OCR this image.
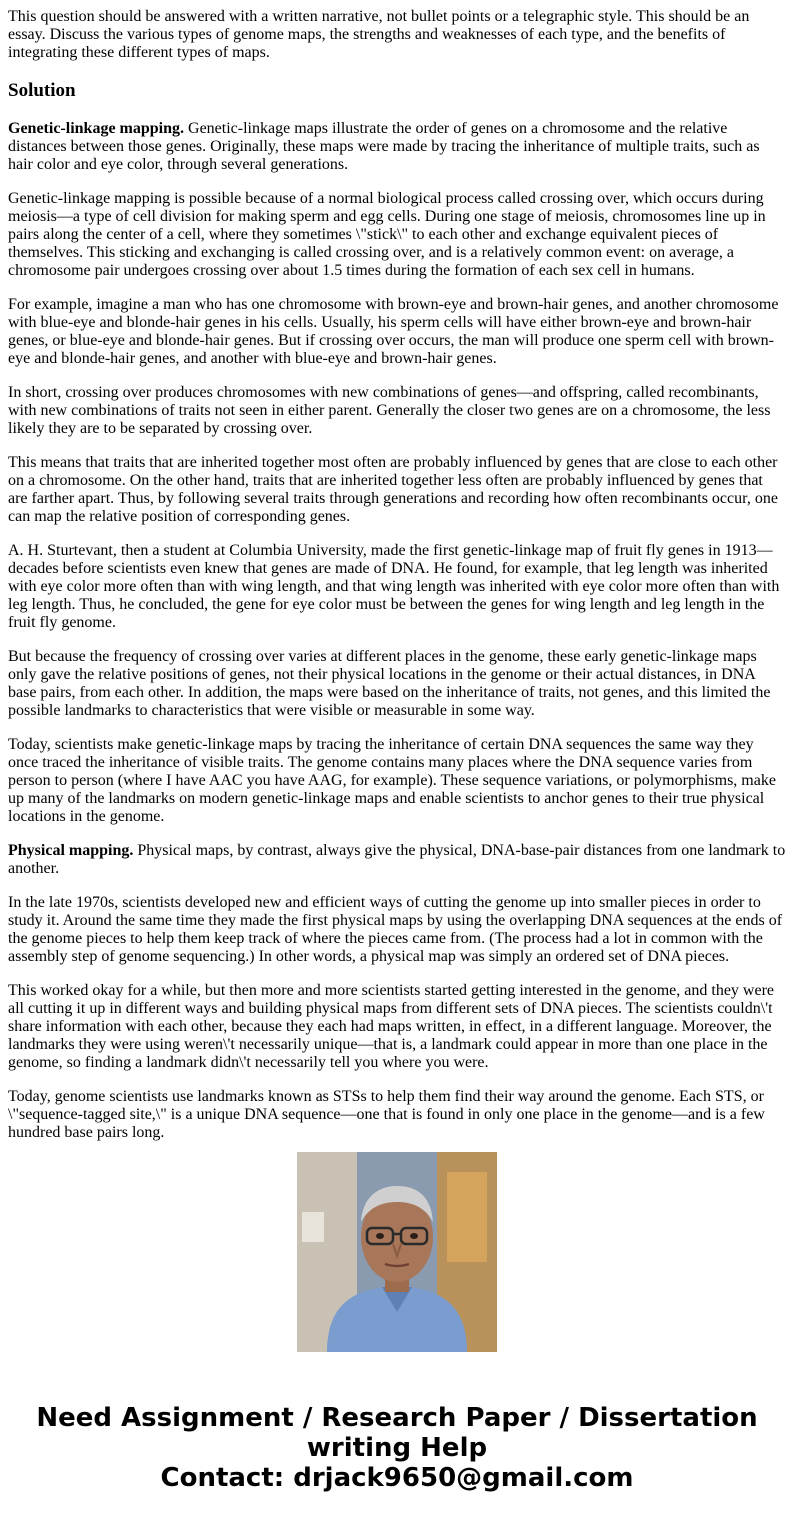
This question should be answered with a written narrative, not bullet points or a telegraphic style. This should be an essay. Discuss the various types of genome maps, the strengths and weaknesses of each type, and the benefits of integrating these different types of maps.

Solution

Genetic-linkage mapping. Genetic-linkage maps illustrate the order of genes on a chromosome and the relative distances between those genes. Originally, these maps were made by tracing the inheritance of multiple traits, such as hair color and eye color, through several generations.

Genetic-linkage mapping is possible because of a normal biological process called crossing over, which occurs during meiosis—a type of cell division for making sperm and egg cells. During one stage of meiosis, chromosomes line up in pairs along the center of a cell, where they sometimes \"stick\" to each other and exchange equivalent pieces of themselves. This sticking and exchanging is called crossing over, and is a relatively common event: on average, a chromosome pair undergoes crossing over about 1.5 times during the formation of each sex cell in humans.

For example, imagine a man who has one chromosome with brown-eye and brown-hair genes, and another chromosome with blue-eye and blonde-hair genes in his cells. Usually, his sperm cells will have either brown-eye and brown-hair genes, or blue-eye and blonde-hair genes. But if crossing over occurs, the man will produce one sperm cell with brown-eye and blonde-hair genes, and another with blue-eye and brown-hair genes.

In short, crossing over produces chromosomes with new combinations of genes—and offspring, called recombinants, with new combinations of traits not seen in either parent. Generally the closer two genes are on a chromosome, the less likely they are to be separated by crossing over.

This means that traits that are inherited together most often are probably influenced by genes that are close to each other on a chromosome. On the other hand, traits that are inherited together less often are probably influenced by genes that are farther apart. Thus, by following several traits through generations and recording how often recombinants occur, one can map the relative position of corresponding genes.

A. H. Sturtevant, then a student at Columbia University, made the first genetic-linkage map of fruit fly genes in 1913—decades before scientists even knew that genes are made of DNA. He found, for example, that leg length was inherited with eye color more often than with wing length, and that wing length was inherited with eye color more often than with leg length. Thus, he concluded, the gene for eye color must be between the genes for wing length and leg length in the fruit fly genome.

But because the frequency of crossing over varies at different places in the genome, these early genetic-linkage maps only gave the relative positions of genes, not their physical locations in the genome or their actual distances, in DNA base pairs, from each other. In addition, the maps were based on the inheritance of traits, not genes, and this limited the possible landmarks to characteristics that were visible or measurable in some way.

Today, scientists make genetic-linkage maps by tracing the inheritance of certain DNA sequences the same way they once traced the inheritance of visible traits. The genome contains many places where the DNA sequence varies from person to person (where I have AAC you have AAG, for example). These sequence variations, or polymorphisms, make up many of the landmarks on modern genetic-linkage maps and enable scientists to anchor genes to their true physical locations in the genome.

Physical mapping. Physical maps, by contrast, always give the physical, DNA-base-pair distances from one landmark to another.

In the late 1970s, scientists developed new and efficient ways of cutting the genome up into smaller pieces in order to study it. Around the same time they made the first physical maps by using the overlapping DNA sequences at the ends of the genome pieces to help them keep track of where the pieces came from. (The process had a lot in common with the assembly step of genome sequencing.) In other words, a physical map was simply an ordered set of DNA pieces.

This worked okay for a while, but then more and more scientists started getting interested in the genome, and they were all cutting it up in different ways and building physical maps from different sets of DNA pieces. The scientists couldn\'t share information with each other, because they each had maps written, in effect, in a different language. Moreover, the landmarks they were using weren\'t necessarily unique—that is, a landmark could appear in more than one place in the genome, so finding a landmark didn\'t necessarily tell you where you were.

Today, genome scientists use landmarks known as STSs to help them find their way around the genome. Each STS, or \"sequence-tagged site,\" is a unique DNA sequence—one that is found in only one place in the genome—and is a few hundred base pairs long.

Need Assignment / Research Paper / Dissertation
writing Help
Contact: drjack9650@gmail.com
